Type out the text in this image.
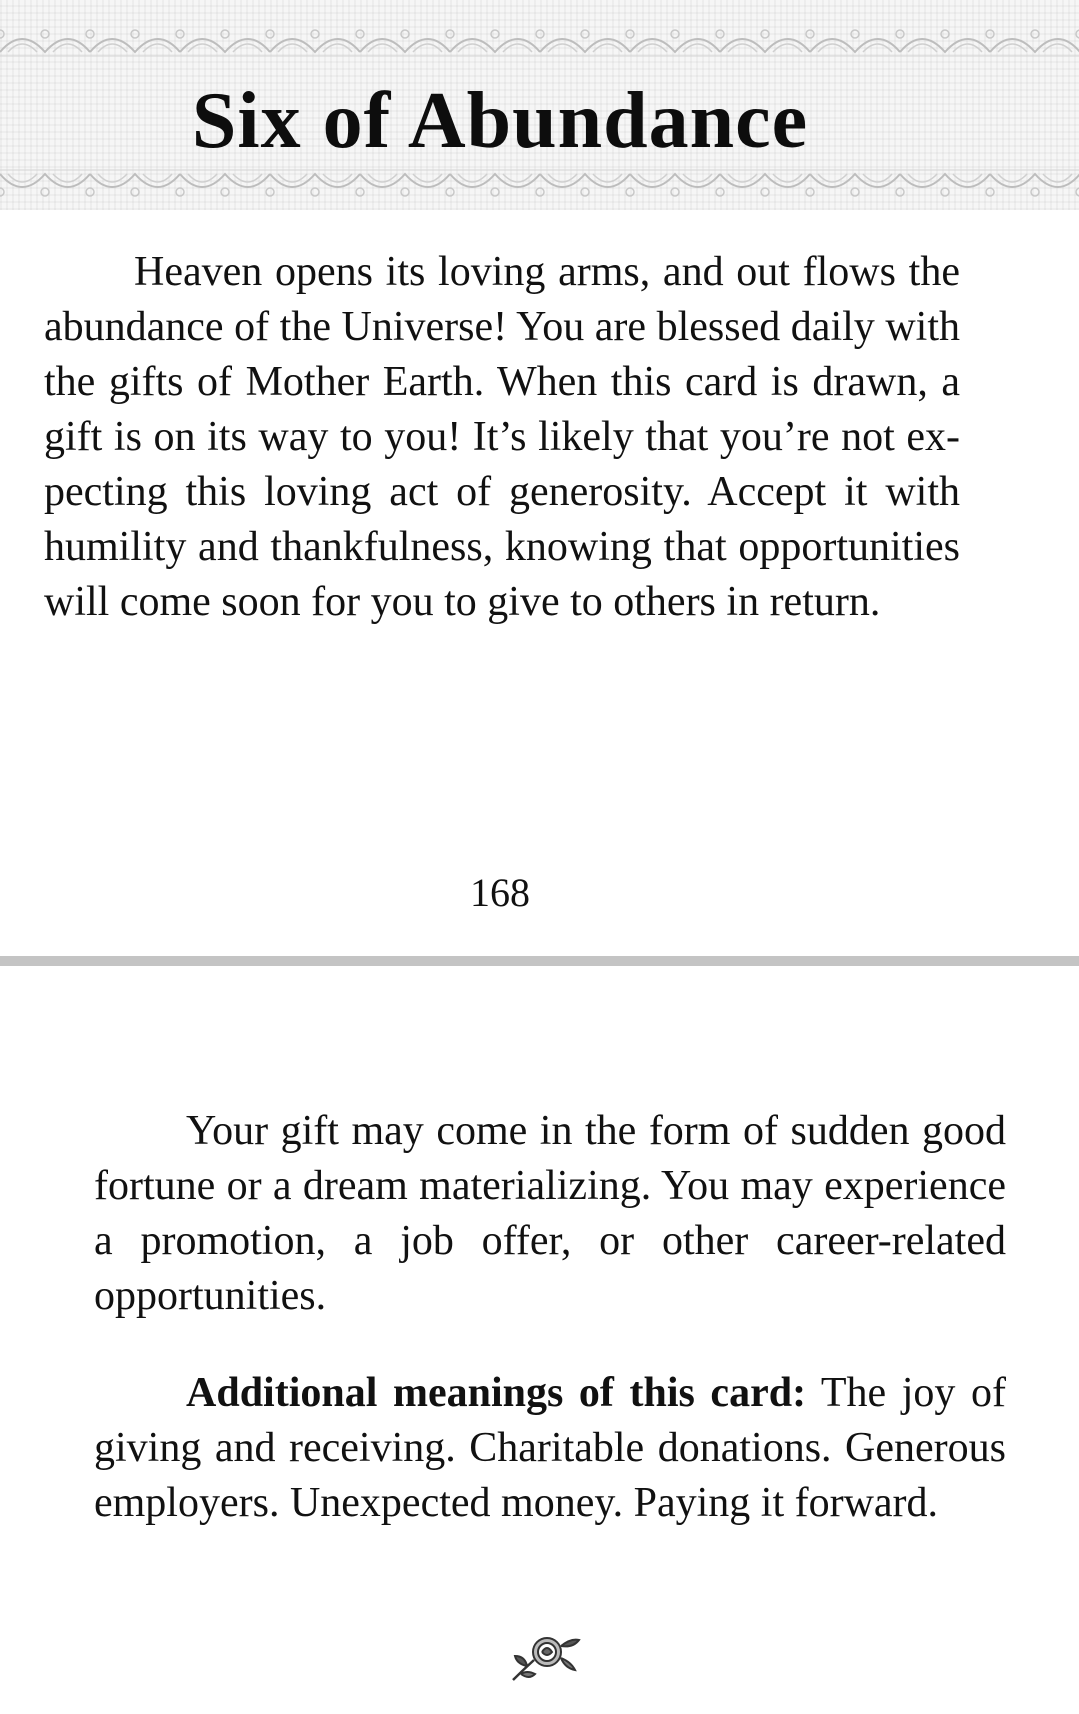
Six of Abundance

Heaven opens its loving arms, and out flows the abundance of the Universe! You are blessed daily with the gifts of Mother Earth. When this card is drawn, a gift is on its way to you! It’s likely that you’re not expecting this loving act of generosity. Accept it with humility and thankfulness, knowing that opportunities will come soon for you to give to others in return.

168

Your gift may come in the form of sudden good fortune or a dream materializing. You may experience a promotion, a job offer, or other career-related opportunities.

Additional meanings of this card: The joy of giving and receiving. Charitable donations. Generous employers. Unexpected money. Paying it forward.
